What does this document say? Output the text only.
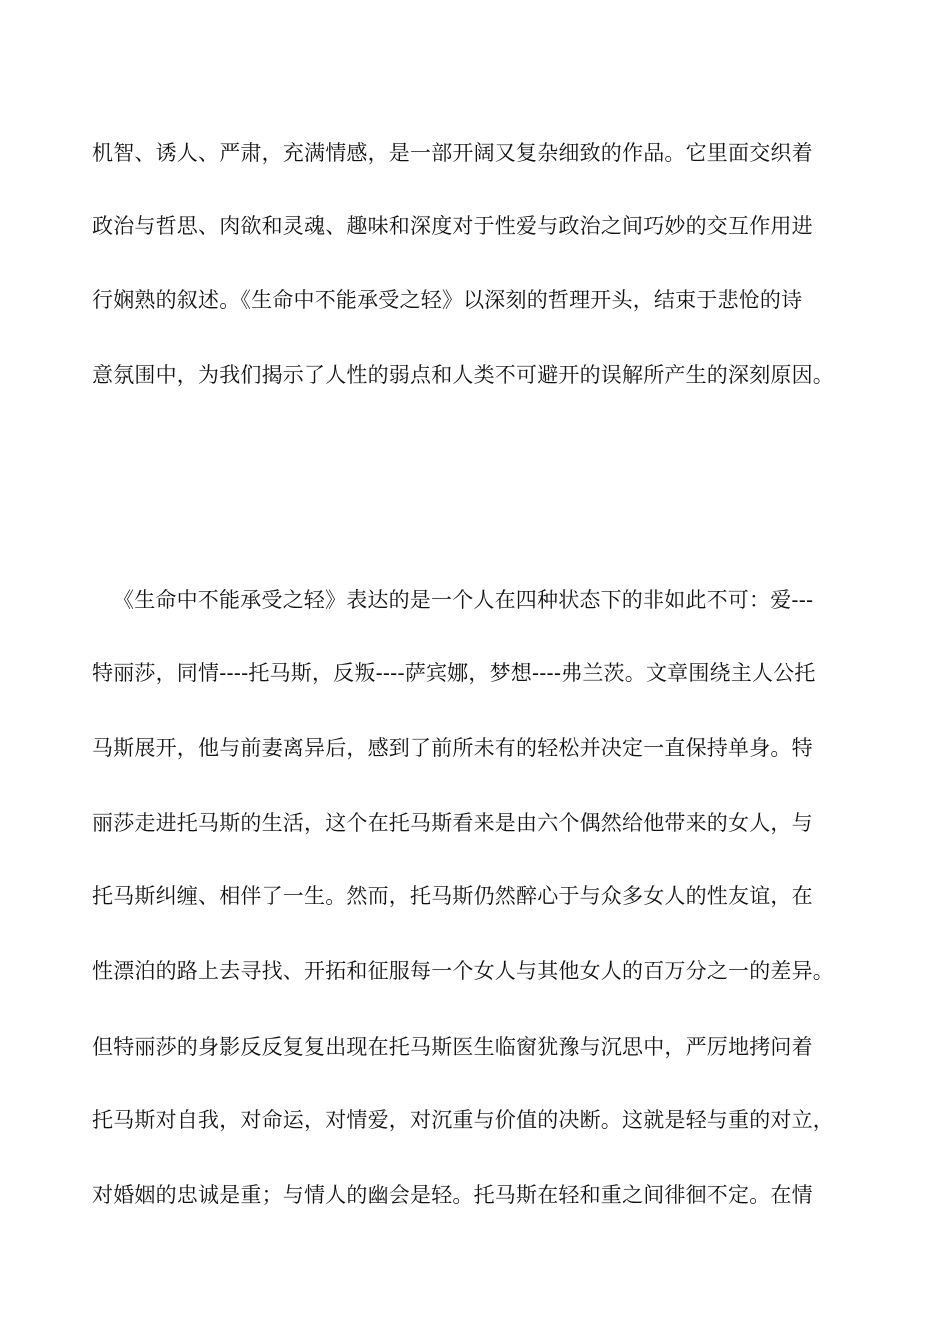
机智、诱人、严肃，充满情感，是一部开阔又复杂细致的作品。它里面交织着
政治与哲思、肉欲和灵魂、趣味和深度对于性爱与政治之间巧妙的交互作用进
行娴熟的叙述。《生命中不能承受之轻》以深刻的哲理开头，结束于悲怆的诗
意氛围中，为我们揭示了人性的弱点和人类不可避开的误解所产生的深刻原因。
《生命中不能承受之轻》表达的是一个人在四种状态下的非如此不可：爱---
特丽莎，同情----托马斯，反叛----萨宾娜，梦想----弗兰茨。文章围绕主人公托
马斯展开，他与前妻离异后，感到了前所未有的轻松并决定一直保持单身。特
丽莎走进托马斯的生活，这个在托马斯看来是由六个偶然给他带来的女人，与
托马斯纠缠、相伴了一生。然而，托马斯仍然醉心于与众多女人的性友谊，在
性漂泊的路上去寻找、开拓和征服每一个女人与其他女人的百万分之一的差异。
但特丽莎的身影反反复复出现在托马斯医生临窗犹豫与沉思中，严厉地拷问着
托马斯对自我，对命运，对情爱，对沉重与价值的决断。这就是轻与重的对立，
对婚姻的忠诚是重；与情人的幽会是轻。托马斯在轻和重之间徘徊不定。在情
